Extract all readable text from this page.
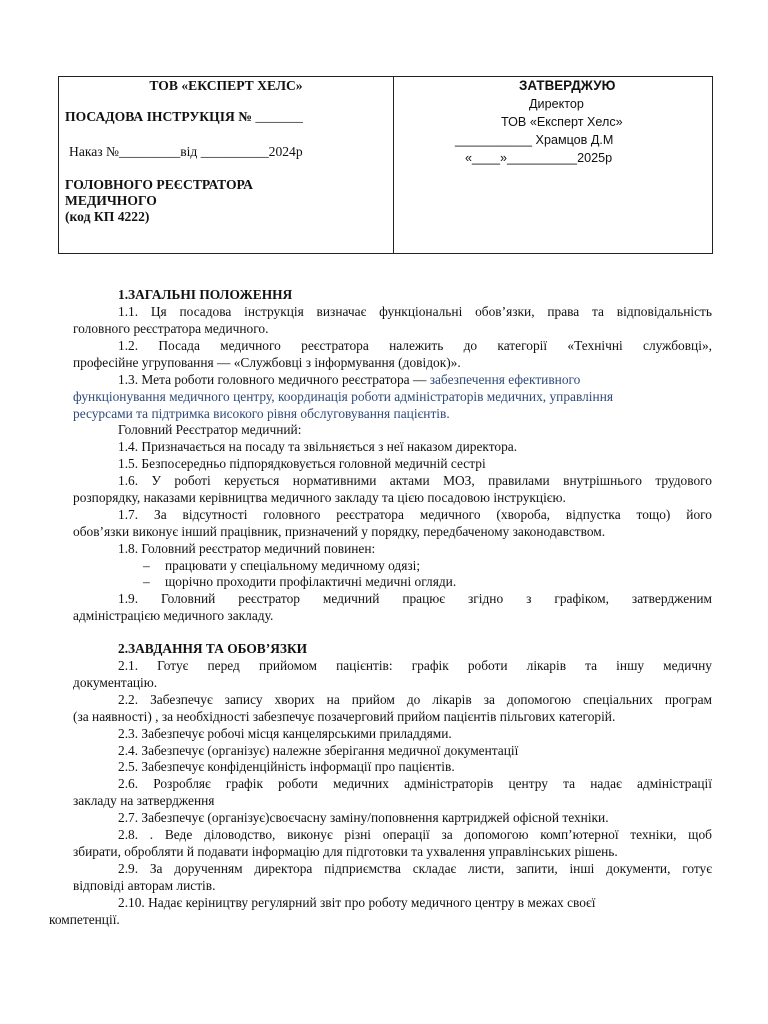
ТОВ «ЕКСПЕРТ ХЕЛС»
ПОСАДОВА ІНСТРУКЦІЯ № _______
Наказ №_________від __________2024р
ГОЛОВНОГО РЕЄСТРАТОРА
МЕДИЧНОГО
(код КП 4222)
ЗАТВЕРДЖУЮ
Директор
ТОВ «Експерт Хелс»
___________ Храмцов Д.М
«____»__________2025р
1.ЗАГАЛЬНІ ПОЛОЖЕННЯ
1.1. Ця посадова інструкція визначає функціональні обов’язки, права та відповідальність
головного реєстратора медичного.
1.2. Посада медичного реєстратора належить до категорії «Технічні службовці»,
професійне угруповання — «Службовці з інформування (довідок)».
1.3. Мета роботи головного медичного реєстратора — забезпечення ефективного
функціонування медичного центру, координація роботи адміністраторів медичних, управління
ресурсами та підтримка високого рівня обслуговування пацієнтів.
Головний Реєстратор медичний:
1.4. Призначається на посаду та звільняється з неї наказом директора.
1.5. Безпосередньо підпорядковується головной медичній сестрі
1.6. У роботі керується нормативними актами МОЗ, правилами внутрішнього трудового
розпорядку, наказами керівництва медичного закладу та цією посадовою інструкцією.
1.7. За відсутності головного реєстратора медичного (хвороба, відпустка тощо) його
обов’язки виконує інший працівник, призначений у порядку, передбаченому законодавством.
1.8. Головний реєстратор медичний повинен:
– працювати у спеціальному медичному одязі;
– щорічно проходити профілактичні медичні огляди.
1.9. Головний реєстратор медичний працює згідно з графіком, затвердженим
адміністрацією медичного закладу.
2.ЗАВДАННЯ ТА ОБОВ’ЯЗКИ
2.1. Готує перед прийомом пацієнтів: графік роботи лікарів та іншу медичну
документацію.
2.2. Забезпечує запису хворих на прийом до лікарів за допомогою спеціальних програм
(за наявності) , за необхідності забезпечує позачерговий прийом пацієнтів пільгових категорій.
2.3. Забезпечує робочі місця канцелярськими приладдями.
2.4. Забезпечує (організує) належне зберігання медичної документації
2.5. Забезпечує конфіденційність інформації про пацієнтів.
2.6. Розробляє графік роботи медичних адміністраторів центру та надає адміністрації
закладу на затвердження
2.7. Забезпечує (організує)своєчасну заміну/поповнення картриджей офісной техніки.
2.8. . Веде діловодство, виконує різні операції за допомогою комп’ютерної техніки, щоб
збирати, обробляти й подавати інформацію для підготовки та ухвалення управлінських рішень.
2.9. За дорученням директора підприємства складає листи, запити, інші документи, готує
відповіді авторам листів.
2.10. Надає керіництву регулярний звіт про роботу медичного центру в межах своєї
компетенції.
